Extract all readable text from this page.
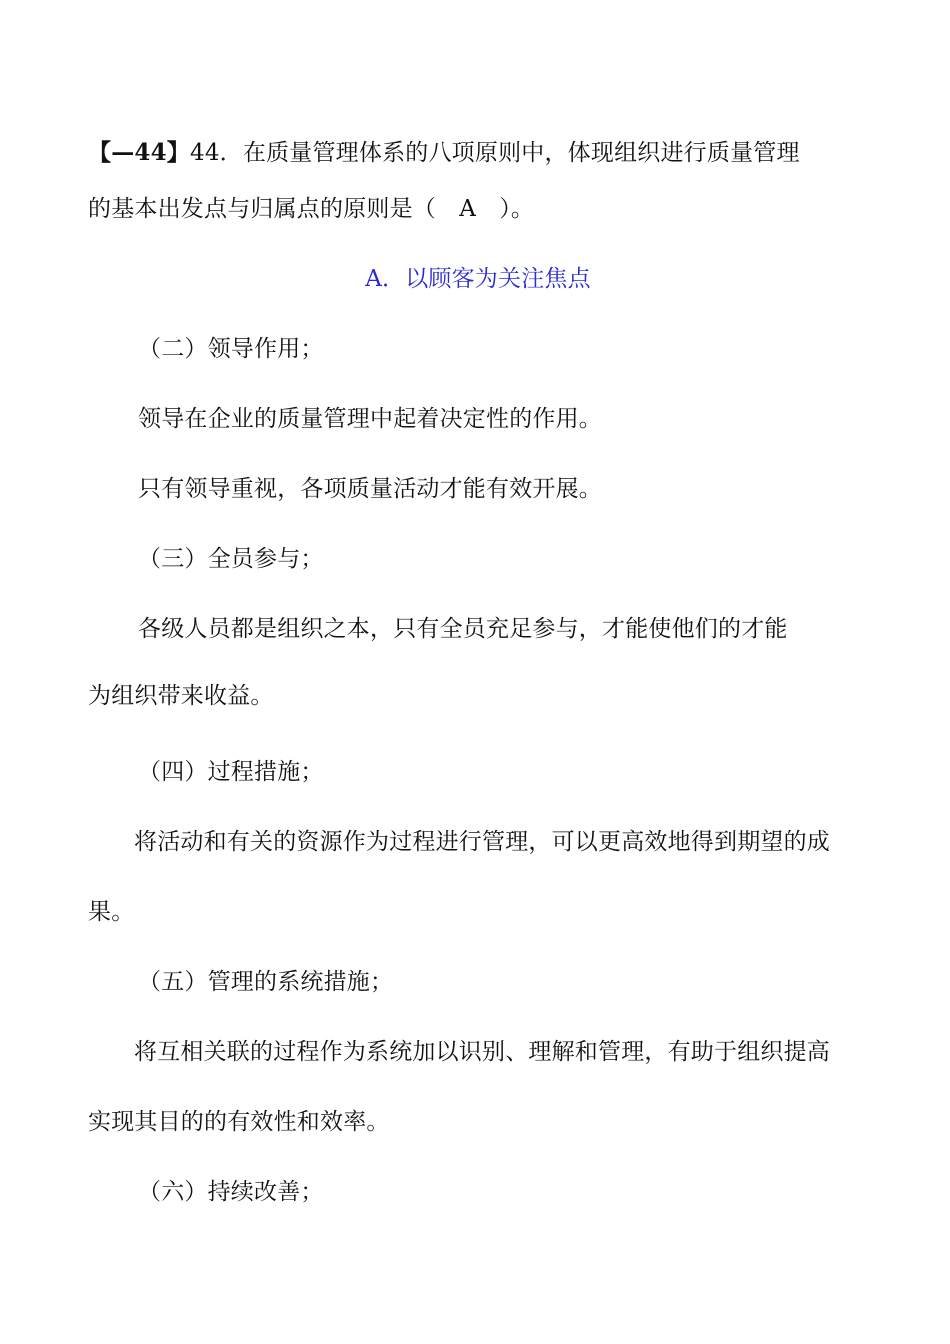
【—44】44．在质量管理体系的八项原则中，体现组织进行质量管理
的基本出发点与归属点的原则是（　A　）。
A．以顾客为关注焦点
（二）领导作用；
领导在企业的质量管理中起着决定性的作用。
只有领导重视，各项质量活动才能有效开展。
（三）全员参与；
各级人员都是组织之本，只有全员充足参与，才能使他们的才能
为组织带来收益。
（四）过程措施；
将活动和有关的资源作为过程进行管理，可以更高效地得到期望的成
果。
（五）管理的系统措施；
将互相关联的过程作为系统加以识别、理解和管理，有助于组织提高
实现其目的的有效性和效率。
（六）持续改善；
